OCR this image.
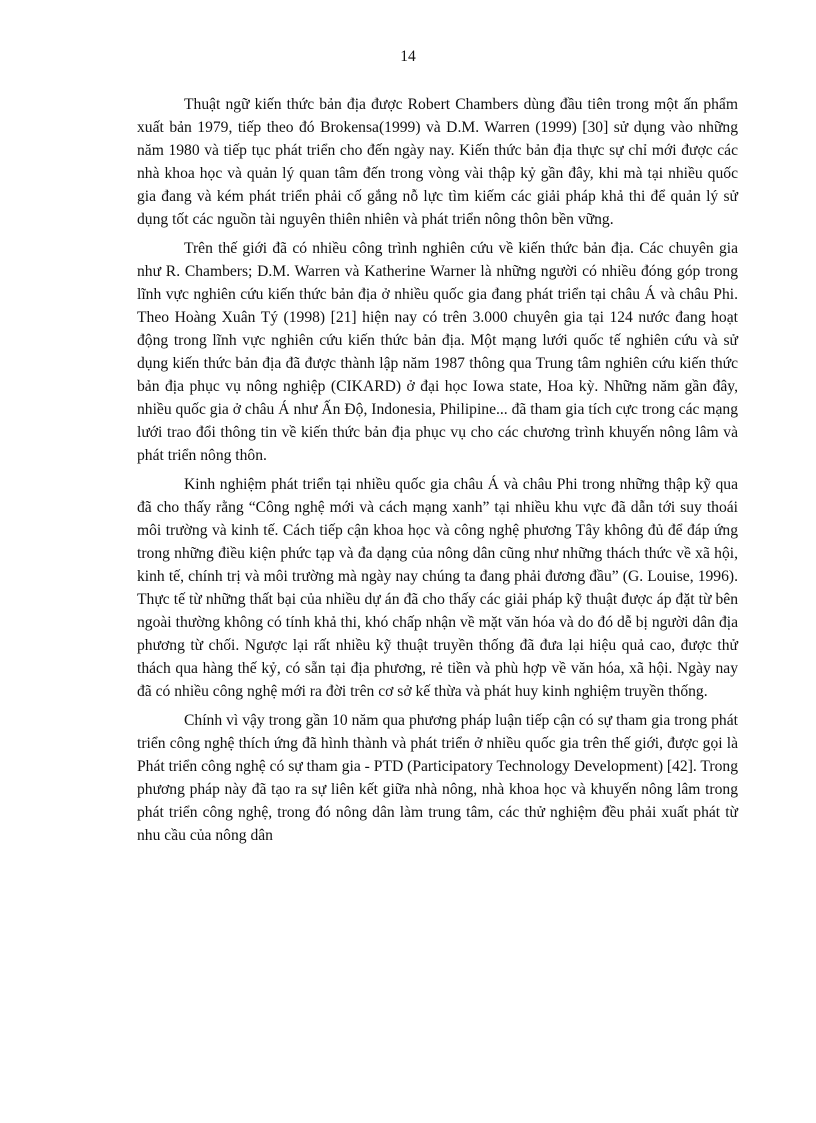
14

Thuật ngữ kiến thức bản địa được Robert Chambers dùng đầu tiên trong một ấn phẩm xuất bản 1979, tiếp theo đó Brokensa(1999) và D.M. Warren (1999) [30] sử dụng vào những năm 1980 và tiếp tục phát triển cho đến ngày nay. Kiến thức bản địa thực sự chỉ mới được các nhà khoa học và quản lý quan tâm đến trong vòng vài thập kỷ gần đây, khi mà tại nhiều quốc gia đang và kém phát triển phải cố gắng nỗ lực tìm kiếm các giải pháp khả thi để quản lý sử dụng tốt các nguồn tài nguyên thiên nhiên và phát triển nông thôn bền vững.

Trên thế giới đã có nhiều công trình nghiên cứu về kiến thức bản địa. Các chuyên gia như R. Chambers; D.M. Warren và Katherine Warner là những người có nhiều đóng góp trong lĩnh vực nghiên cứu kiến thức bản địa ở nhiều quốc gia đang phát triển tại châu Á và châu Phi. Theo Hoàng Xuân Tý (1998) [21] hiện nay có trên 3.000 chuyên gia tại 124 nước đang hoạt động trong lĩnh vực nghiên cứu kiến thức bản địa. Một mạng lưới quốc tế nghiên cứu và sử dụng kiến thức bản địa đã được thành lập năm 1987 thông qua Trung tâm nghiên cứu kiến thức bản địa phục vụ nông nghiệp (CIKARD) ở đại học Iowa state, Hoa kỳ. Những năm gần đây, nhiều quốc gia ở châu Á như Ấn Độ, Indonesia, Philipine... đã tham gia tích cực trong các mạng lưới trao đổi thông tin về kiến thức bản địa phục vụ cho các chương trình khuyến nông lâm và phát triển nông thôn.

Kinh nghiệm phát triển tại nhiều quốc gia châu Á và châu Phi trong những thập kỹ qua đã cho thấy rằng “Công nghệ mới và cách mạng xanh” tại nhiều khu vực đã dẫn tới suy thoái môi trường và kinh tế. Cách tiếp cận khoa học và công nghệ phương Tây không đủ để đáp ứng trong những điều kiện phức tạp và đa dạng của nông dân cũng như những thách thức về xã hội, kinh tế, chính trị và môi trường mà ngày nay chúng ta đang phải đương đầu” (G. Louise, 1996). Thực tế từ những thất bại của nhiều dự án đã cho thấy các giải pháp kỹ thuật được áp đặt từ bên ngoài thường không có tính khả thi, khó chấp nhận về mặt văn hóa và do đó dễ bị người dân địa phương từ chối. Ngược lại rất nhiều kỹ thuật truyền thống đã đưa lại hiệu quả cao, được thử thách qua hàng thế kỷ, có sẵn tại địa phương, rẻ tiền và phù hợp về văn hóa, xã hội. Ngày nay đã có nhiều công nghệ mới ra đời trên cơ sở kế thừa và phát huy kinh nghiệm truyền thống.

Chính vì vậy trong gần 10 năm qua phương pháp luận tiếp cận có sự tham gia trong phát triển công nghệ thích ứng đã hình thành và phát triển ở nhiều quốc gia trên thế giới, được gọi là Phát triển công nghệ có sự tham gia - PTD (Participatory Technology Development) [42]. Trong phương pháp này đã tạo ra sự liên kết giữa nhà nông, nhà khoa học và khuyến nông lâm trong phát triển công nghệ, trong đó nông dân làm trung tâm, các thử nghiệm đều phải xuất phát từ nhu cầu của nông dân
